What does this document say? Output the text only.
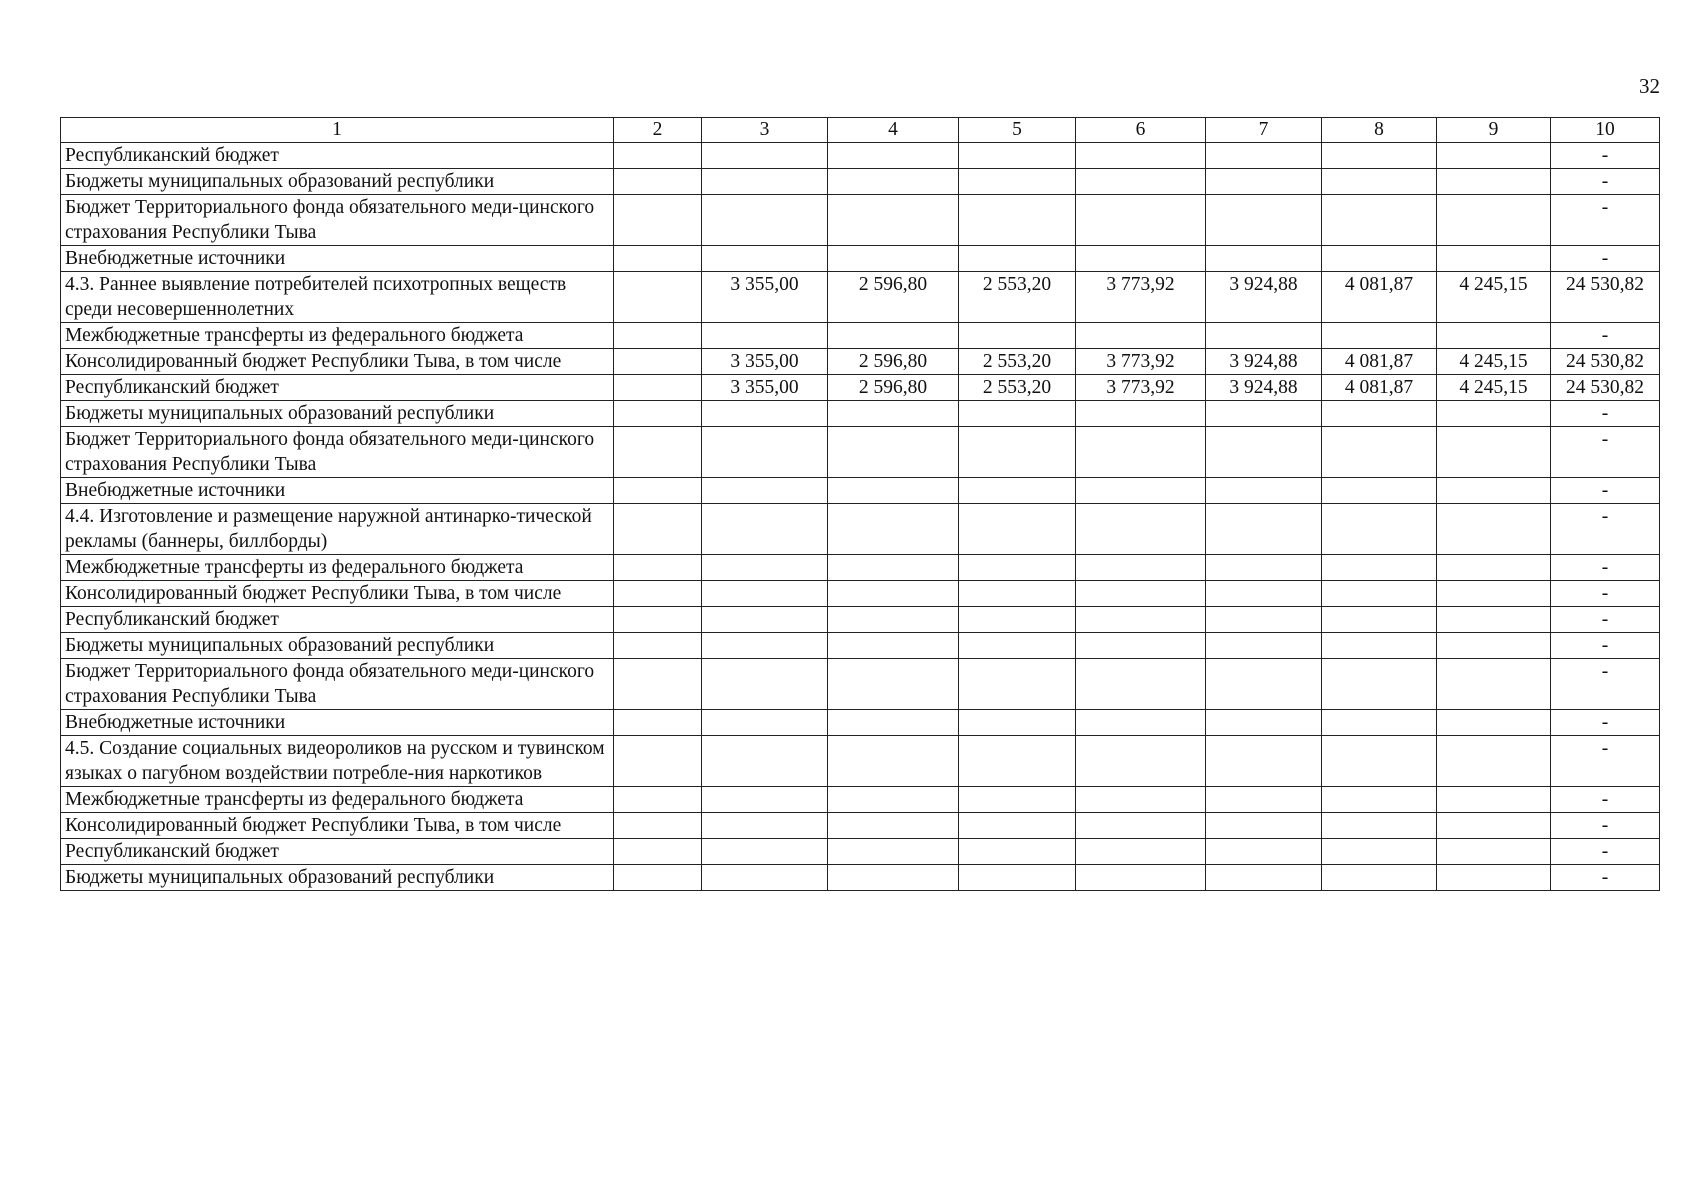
32
1	2	3	4	5	6	7	8	9	10
Республиканский бюджет									-
Бюджеты муниципальных образований республики									-
Бюджет Территориального фонда обязательного меди-цинского страхования Республики Тыва									-
Внебюджетные источники									-
4.3. Раннее выявление потребителей психотропных веществ среди несовершеннолетних		3 355,00	2 596,80	2 553,20	3 773,92	3 924,88	4 081,87	4 245,15	24 530,82
Межбюджетные трансферты из федерального бюджета									-
Консолидированный бюджет Республики Тыва, в том числе		3 355,00	2 596,80	2 553,20	3 773,92	3 924,88	4 081,87	4 245,15	24 530,82
Республиканский бюджет		3 355,00	2 596,80	2 553,20	3 773,92	3 924,88	4 081,87	4 245,15	24 530,82
Бюджеты муниципальных образований республики									-
Бюджет Территориального фонда обязательного меди-цинского страхования Республики Тыва									-
Внебюджетные источники									-
4.4. Изготовление и размещение наружной антинарко-тической рекламы (баннеры, биллборды)									-
Межбюджетные трансферты из федерального бюджета									-
Консолидированный бюджет Республики Тыва, в том числе									-
Республиканский бюджет									-
Бюджеты муниципальных образований республики									-
Бюджет Территориального фонда обязательного меди-цинского страхования Республики Тыва									-
Внебюджетные источники									-
4.5. Создание социальных видеороликов на русском и тувинском языках о пагубном воздействии потребле-ния наркотиков									-
Межбюджетные трансферты из федерального бюджета									-
Консолидированный бюджет Республики Тыва, в том числе									-
Республиканский бюджет									-
Бюджеты муниципальных образований республики									-
